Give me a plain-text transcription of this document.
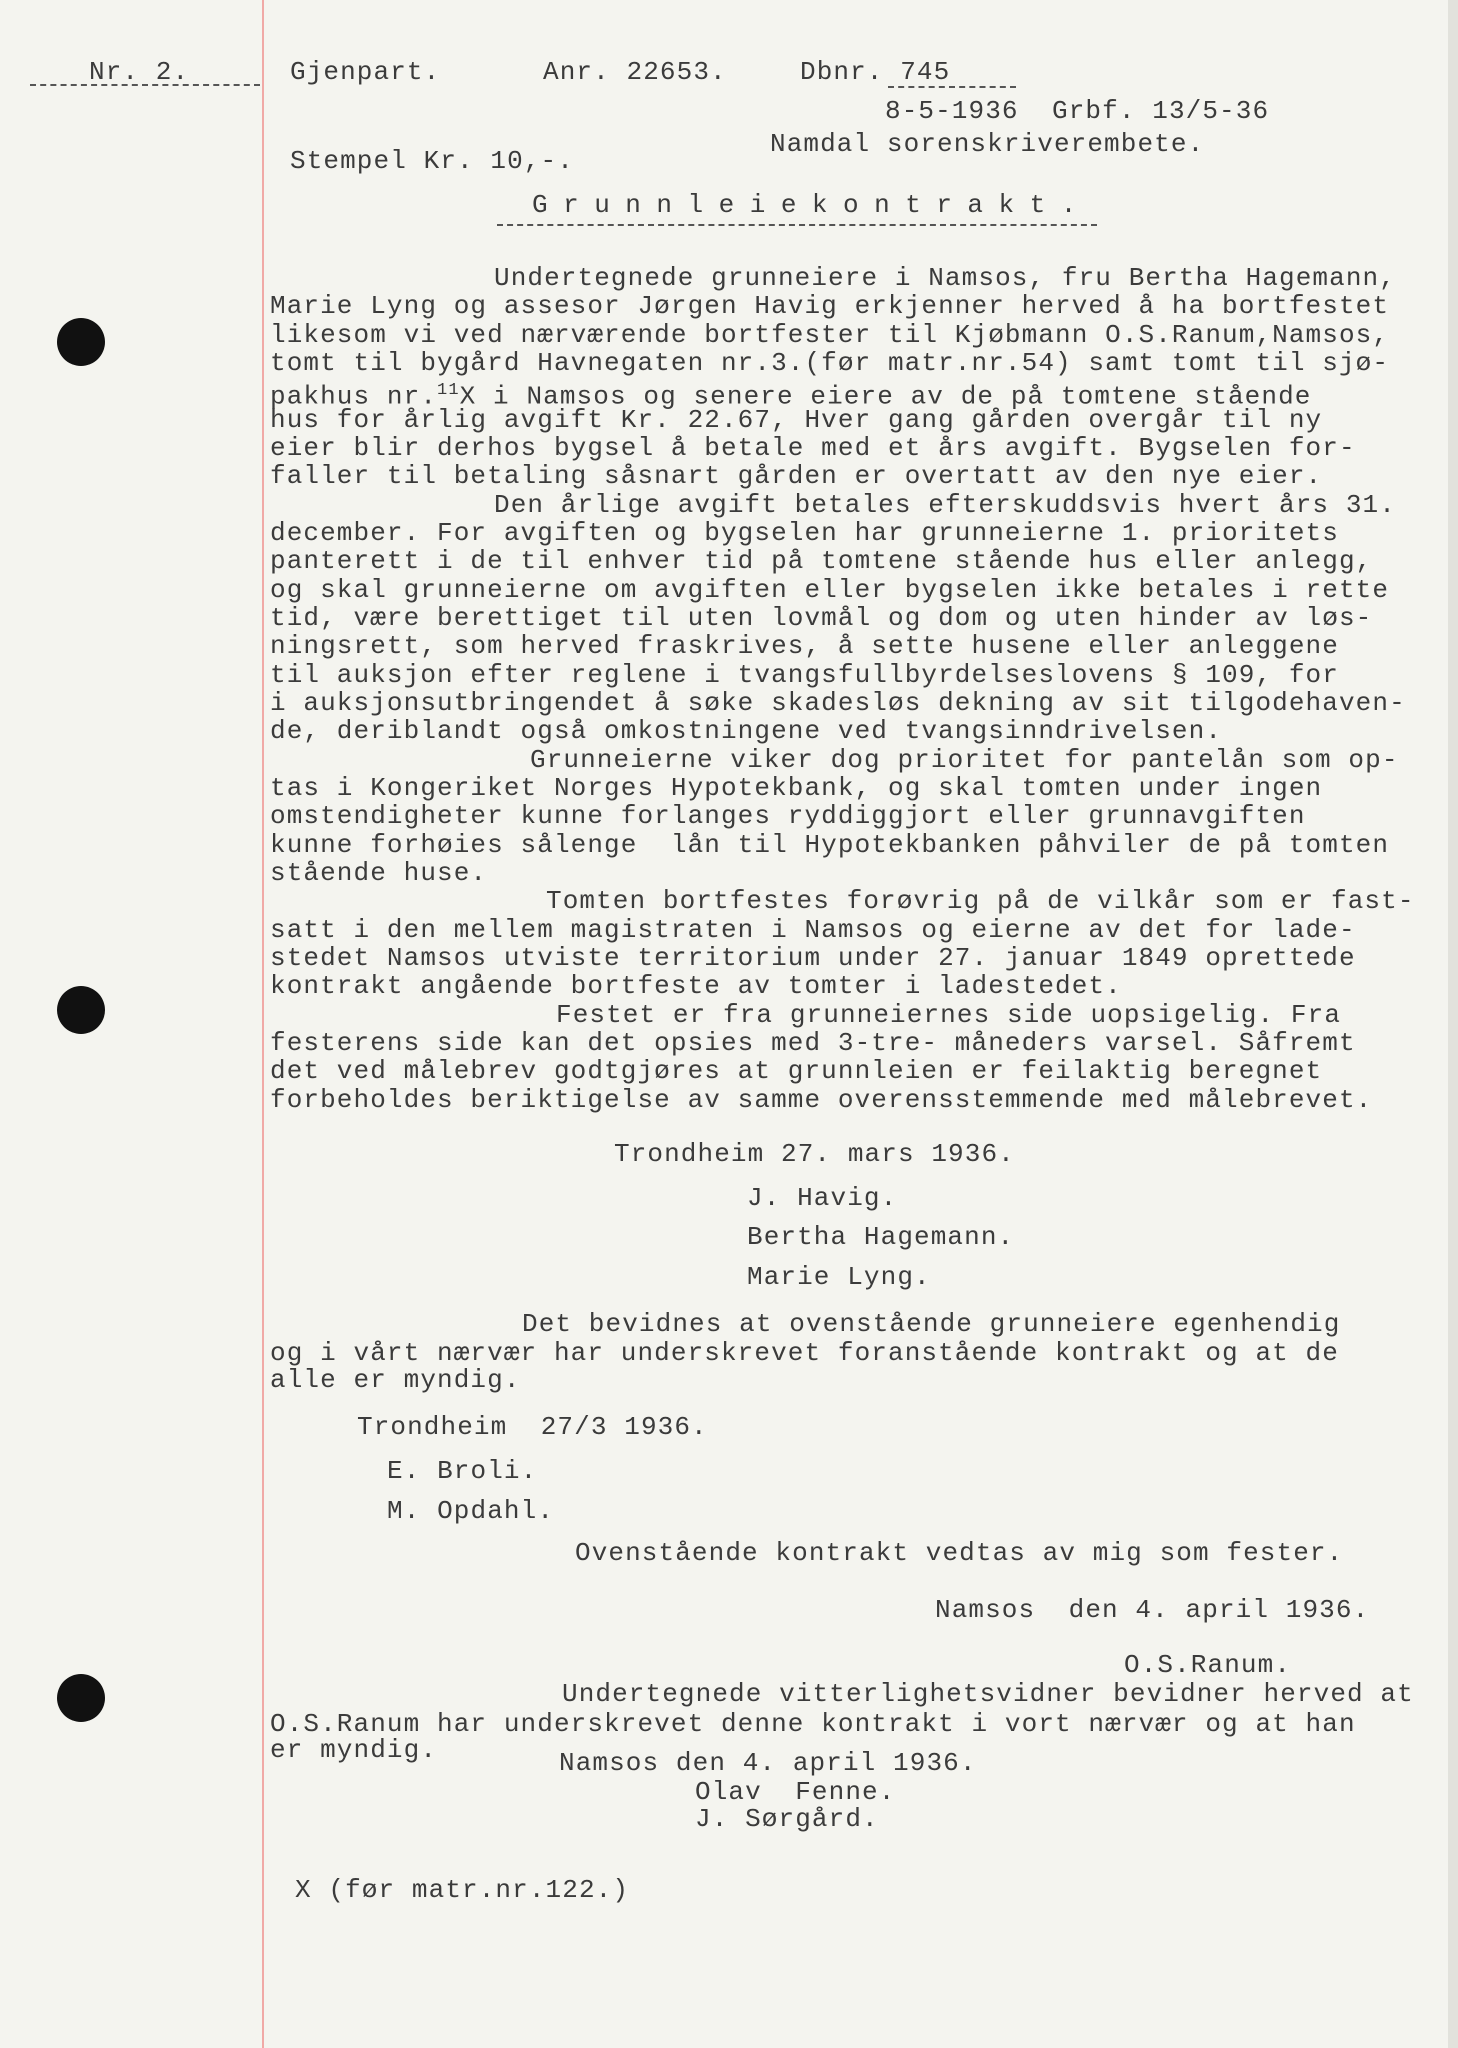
Nr. 2.	Gjenpart.	Anr. 22653.	Dbnr. 745
8-5-1936  Grbf. 13/5-36
Namdal sorenskriverembete.
Stempel Kr. 10,-.
Grunnleiekontrakt.
Undertegnede grunneiere i Namsos, fru Bertha Hagemann,
Marie Lyng og assesor Jørgen Havig erkjenner herved å ha bortfestet
likesom vi ved nærværende bortfester til Kjøbmann O.S.Ranum,Namsos,
tomt til bygård Havnegaten nr.3.(før matr.nr.54) samt tomt til sjø-
pakhus nr.$^{11}$X i Namsos og senere eiere av de på tomtene stående
hus for årlig avgift Kr. 22.67, Hver gang gården overgår til ny
eier blir derhos bygsel å betale med et års avgift. Bygselen for-
faller til betaling såsnart gården er overtatt av den nye eier.
Den årlige avgift betales efterskuddsvis hvert års 31.
december. For avgiften og bygselen har grunneierne 1. prioritets
panterett i de til enhver tid på tomtene stående hus eller anlegg,
og skal grunneierne om avgiften eller bygselen ikke betales i rette
tid, være berettiget til uten lovmål og dom og uten hinder av løs-
ningsrett, som herved fraskrives, å sette husene eller anleggene
til auksjon efter reglene i tvangsfullbyrdelseslovens § 109, for
i auksjonsutbringendet å søke skadesløs dekning av sit tilgodehaven-
de, deriblandt også omkostningene ved tvangsinndrivelsen.
Grunneierne viker dog prioritet for pantelån som op-
tas i Kongeriket Norges Hypotekbank, og skal tomten under ingen
omstendigheter kunne forlanges ryddiggjort eller grunnavgiften
kunne forhøies sålenge  lån til Hypotekbanken påhviler de på tomten
stående huse.
Tomten bortfestes forøvrig på de vilkår som er fast-
satt i den mellem magistraten i Namsos og eierne av det for lade-
stedet Namsos utviste territorium under 27. januar 1849 oprettede
kontrakt angående bortfeste av tomter i ladestedet.
Festet er fra grunneiernes side uopsigelig. Fra
festerens side kan det opsies med 3-tre- måneders varsel. Såfremt
det ved målebrev godtgjøres at grunnleien er feilaktig beregnet
forbeholdes beriktigelse av samme overensstemmende med målebrevet.
Trondheim 27. mars 1936.
J. Havig.
Bertha Hagemann.
Marie Lyng.
Det bevidnes at ovenstående grunneiere egenhendig
og i vårt nærvær har underskrevet foranstående kontrakt og at de
alle er myndig.
Trondheim  27/3 1936.
E. Broli.
M. Opdahl.
Ovenstående kontrakt vedtas av mig som fester.
Namsos  den 4. april 1936.
O.S.Ranum.
Undertegnede vitterlighetsvidner bevidner herved at
O.S.Ranum har underskrevet denne kontrakt i vort nærvær og at han
er myndig.	Namsos den 4. april 1936.
Olav  Fenne.
J. Sørgård.
X (før matr.nr.122.)
